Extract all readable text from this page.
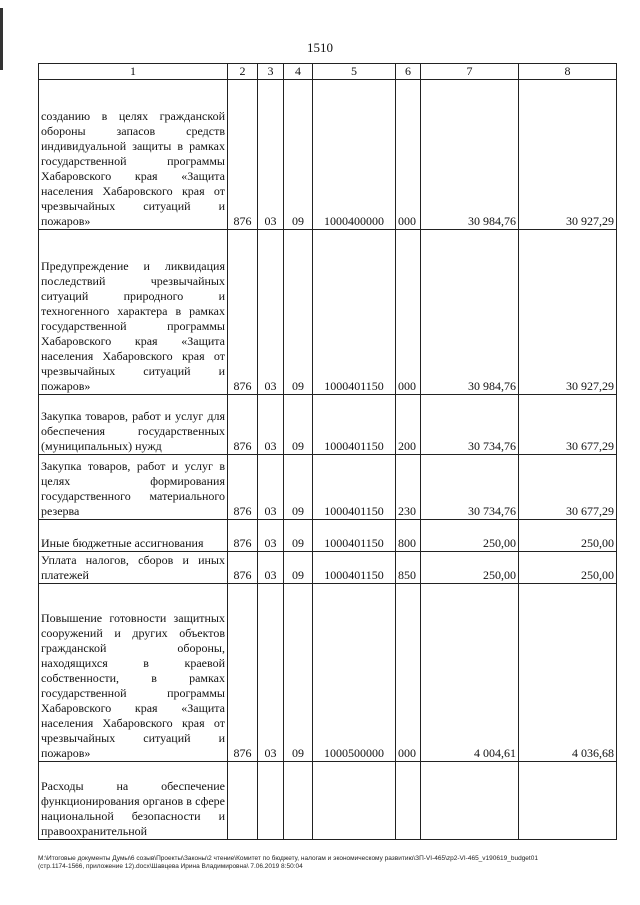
1510
1	2	3	4	5	6	7	8
созданию в целях гражданской обороны запасов средств индивидуальной защиты в рамках государственной программы Хабаровского края «Защита населения Хабаровского края от чрезвычайных ситуаций и пожаров»	876	03	09	1000400000	000	30 984,76	30 927,29
Предупреждение и ликвидация последствий чрезвычайных ситуаций природного и техногенного характера в рамках государственной программы Хабаровского края «Защита населения Хабаровского края от чрезвычайных ситуаций и пожаров»	876	03	09	1000401150	000	30 984,76	30 927,29
Закупка товаров, работ и услуг для обеспечения государственных (муниципальных) нужд	876	03	09	1000401150	200	30 734,76	30 677,29
Закупка товаров, работ и услуг в целях формирования государственного материального резерва	876	03	09	1000401150	230	30 734,76	30 677,29
Иные бюджетные ассигнования	876	03	09	1000401150	800	250,00	250,00
Уплата налогов, сборов и иных платежей	876	03	09	1000401150	850	250,00	250,00
Повышение готовности защитных сооружений и других объектов гражданской обороны, находящихся в краевой собственности, в рамках государственной программы Хабаровского края «Защита населения Хабаровского края от чрезвычайных ситуаций и пожаров»	876	03	09	1000500000	000	4 004,61	4 036,68
Расходы на обеспечение функционирования органов в сфере национальной безопасности и правоохранительной							
М:\Итоговые документы Думы\6 созыв\Проекты\Законы\2 чтение\Комитет по бюджету, налогам и экономическому развитию\ЗП-VI-465\zp2-VI-465_v190619_budget01
(стр.1174-1566, приложение 12).docx\Шавцева Ирина Владимировна\ 7.06.2019 8:50:04
